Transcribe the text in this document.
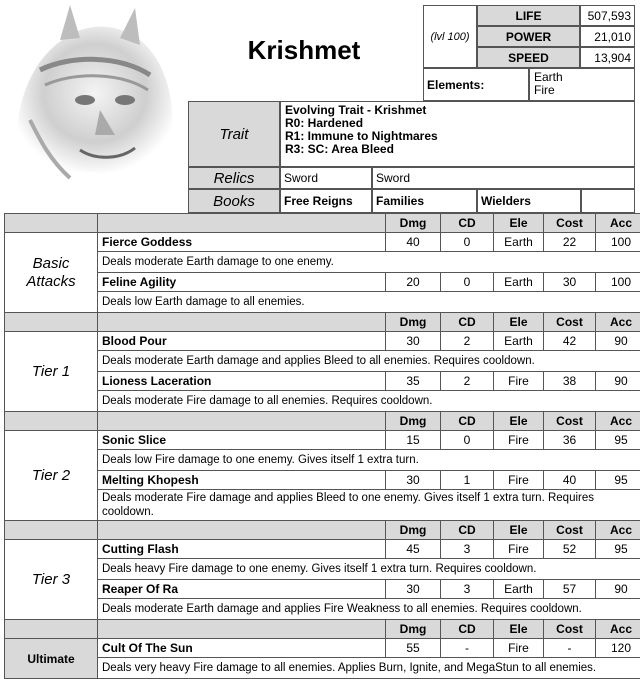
Krishmet	(lvl 100)
LIFE	507,593
POWER	21,010
SPEED	13,904
Elements:
Earth
Fire
Trait
Evolving Trait - Krishmet
R0: Hardened
R1: Immune to Nightmares
R3: SC: Area Bleed
Relics	Sword	Sword
Books	Free Reigns	Families	Wielders
		Dmg	CD	Ele	Cost	Acc

Basic
Attacks	Fierce Goddess	40	0	Earth	22	100
	Deals moderate Earth damage to one enemy.					
	Feline Agility	20	0	Earth	30	100
	Deals low Earth damage to all enemies.					
		Dmg	CD	Ele	Cost	Acc

Tier 1	Blood Pour	30	2	Earth	42	90
	Deals moderate Earth damage and applies Bleed to all enemies. Requires cooldown.					
	Lioness Laceration	35	2	Fire	38	90
	Deals moderate Fire damage to all enemies. Requires cooldown.					
		Dmg	CD	Ele	Cost	Acc

Tier 2	Sonic Slice	15	0	Fire	36	95
	Deals low Fire damage to one enemy. Gives itself 1 extra turn.					
	Melting Khopesh	30	1	Fire	40	95
	Deals moderate Fire damage and applies Bleed to one enemy. Gives itself 1 extra turn. Requires cooldown.					
		Dmg	CD	Ele	Cost	Acc

Tier 3	Cutting Flash	45	3	Fire	52	95
	Deals heavy Fire damage to one enemy. Gives itself 1 extra turn. Requires cooldown.					
	Reaper Of Ra	30	3	Earth	57	90
	Deals moderate Earth damage and applies Fire Weakness to all enemies. Requires cooldown.					
		Dmg	CD	Ele	Cost	Acc

Ultimate	Cult Of The Sun	55	-	Fire	-	120
	Deals very heavy Fire damage to all enemies. Applies Burn, Ignite, and MegaStun to all enemies.					
